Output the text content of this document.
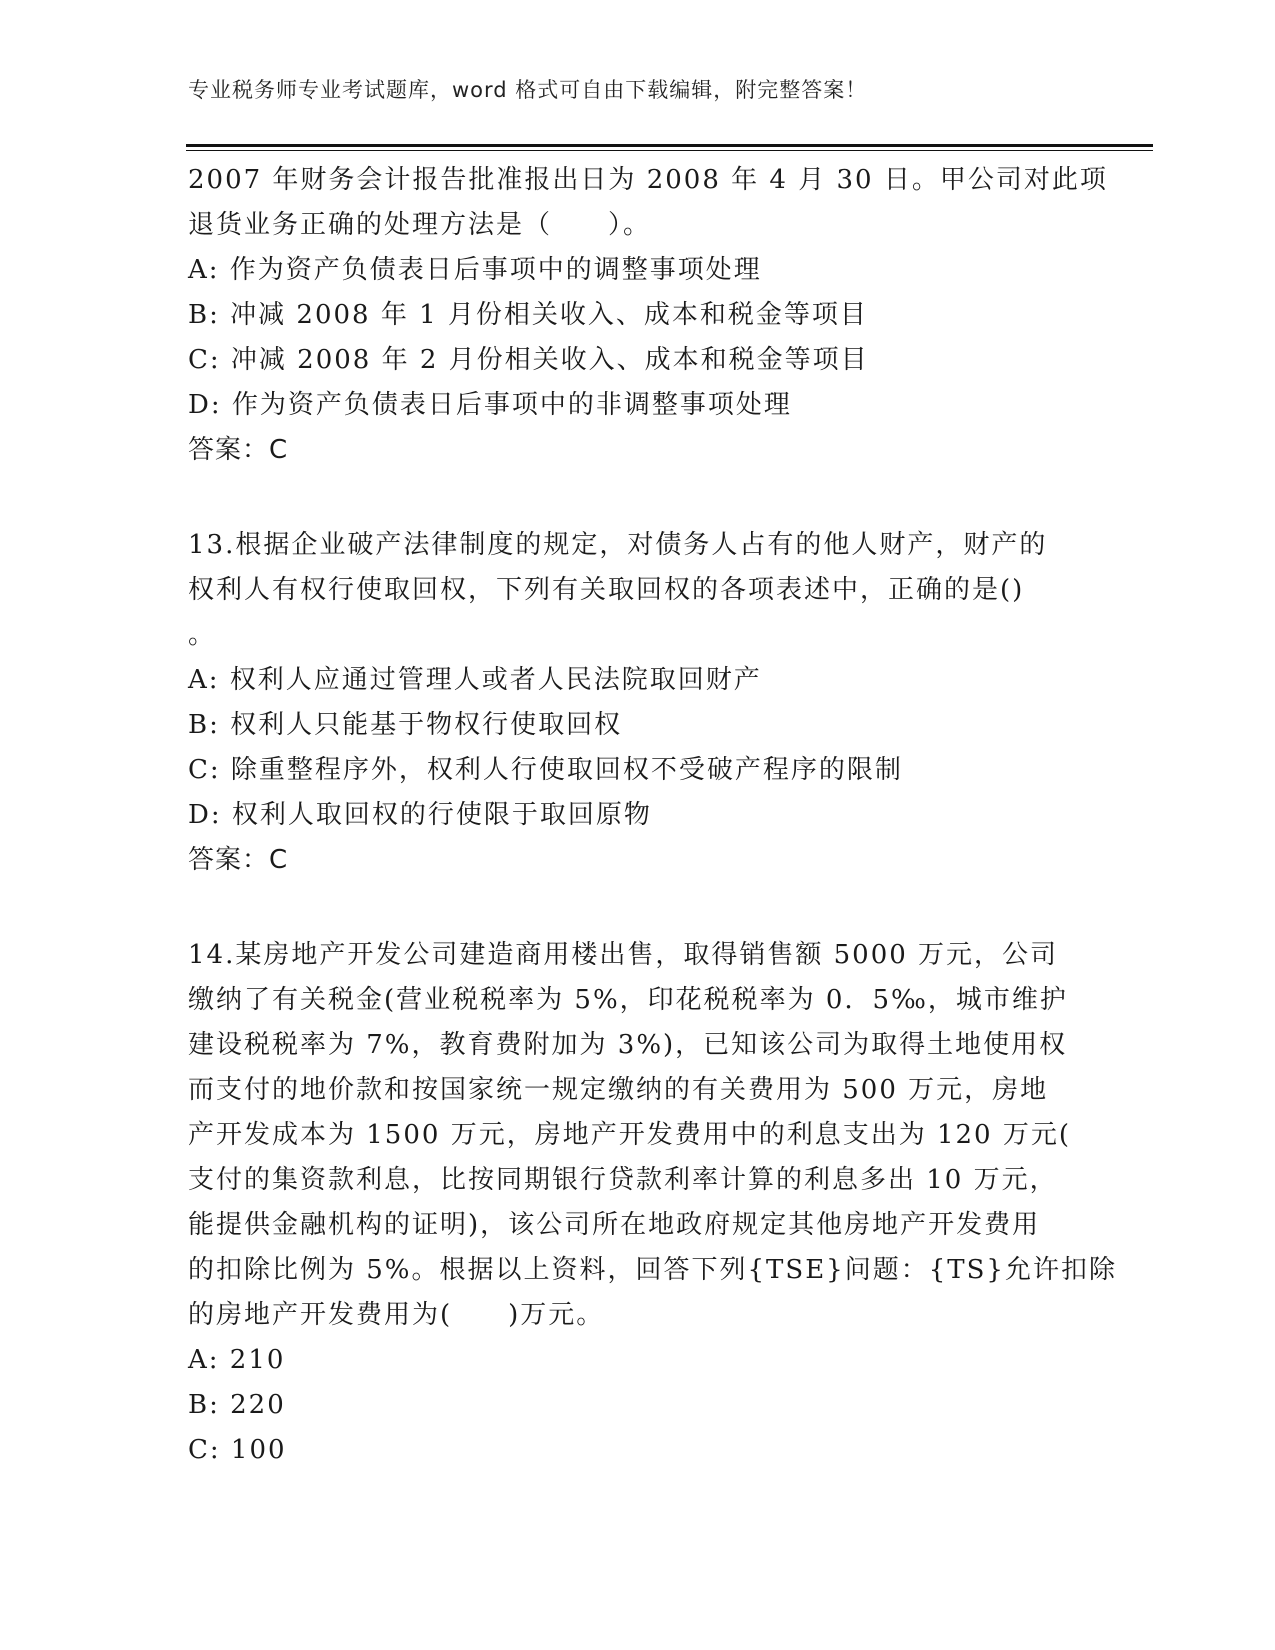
专业税务师专业考试题库，word 格式可自由下载编辑，附完整答案！
2007 年财务会计报告批准报出日为 2008 年 4 月 30 日。甲公司对此项
退货业务正确的处理方法是（　　）。
A: 作为资产负债表日后事项中的调整事项处理
B: 冲减 2008 年 1 月份相关收入、成本和税金等项目
C: 冲减 2008 年 2 月份相关收入、成本和税金等项目
D: 作为资产负债表日后事项中的非调整事项处理
答案：C
13.根据企业破产法律制度的规定，对债务人占有的他人财产，财产的
权利人有权行使取回权，下列有关取回权的各项表述中，正确的是()
。
A: 权利人应通过管理人或者人民法院取回财产
B: 权利人只能基于物权行使取回权
C: 除重整程序外，权利人行使取回权不受破产程序的限制
D: 权利人取回权的行使限于取回原物
答案：C
14.某房地产开发公司建造商用楼出售，取得销售额 5000 万元，公司
缴纳了有关税金(营业税税率为 5%，印花税税率为 0．5‰，城市维护
建设税税率为 7%，教育费附加为 3%)，已知该公司为取得土地使用权
而支付的地价款和按国家统一规定缴纳的有关费用为 500 万元，房地
产开发成本为 1500 万元，房地产开发费用中的利息支出为 120 万元(
支付的集资款利息，比按同期银行贷款利率计算的利息多出 10 万元，
能提供金融机构的证明)，该公司所在地政府规定其他房地产开发费用
的扣除比例为 5%。根据以上资料，回答下列{TSE}问题：{TS}允许扣除
的房地产开发费用为(　　)万元。
A: 210
B: 220
C: 100
